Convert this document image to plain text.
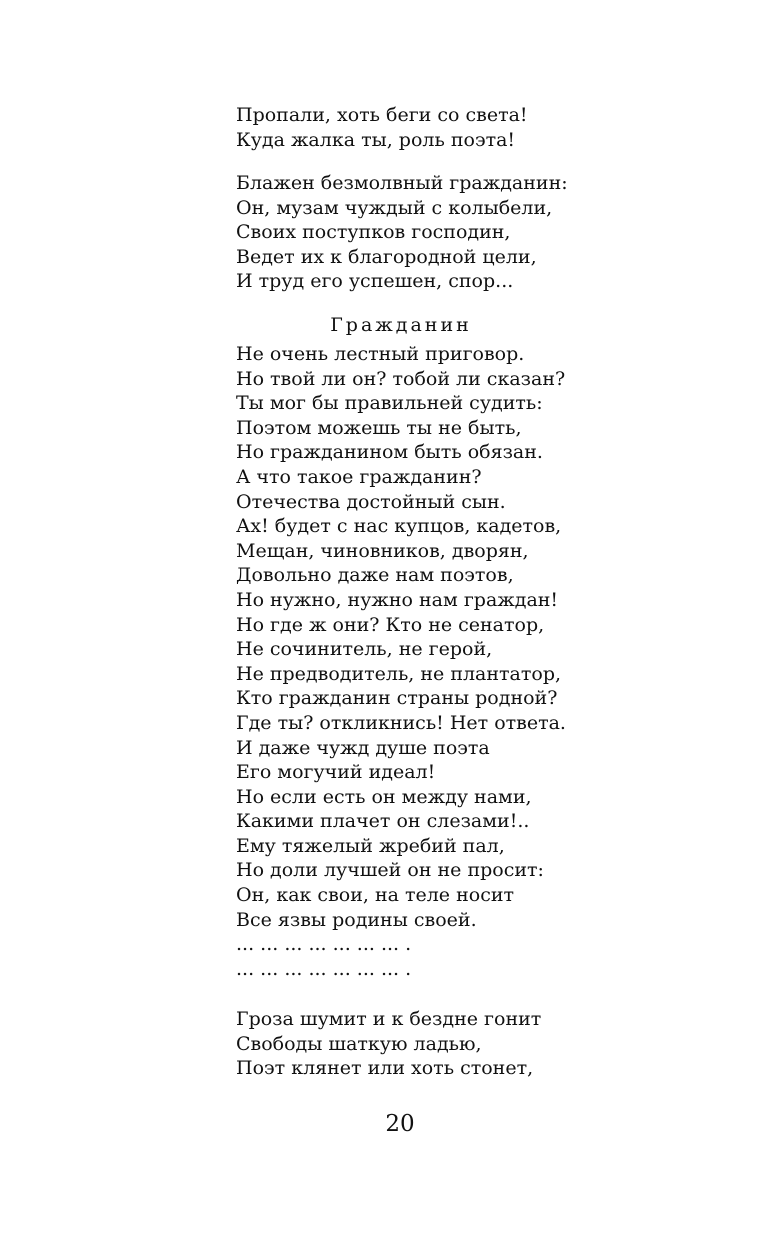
Пропали, хоть беги со света!
Куда жалка ты, роль поэта!
Блажен безмолвный гражданин:
Он, музам чуждый с колыбели,
Своих поступков господин,
Ведет их к благородной цели,
И труд его успешен, спор...
Гражданин
Не очень лестный приговор.
Но твой ли он? тобой ли сказан?
Ты мог бы правильней судить:
Поэтом можешь ты не быть,
Но гражданином быть обязан.
А что такое гражданин?
Отечества достойный сын.
Ах! будет с нас купцов, кадетов,
Мещан, чиновников, дворян,
Довольно даже нам поэтов,
Но нужно, нужно нам граждан!
Но где ж они? Кто не сенатор,
Не сочинитель, не герой,
Не предводитель, не плантатор,
Кто гражданин страны родной?
Где ты? откликнись! Нет ответа.
И даже чужд душе поэта
Его могучий идеал!
Но если есть он между нами,
Какими плачет он слезами!..
Ему тяжелый жребий пал,
Но доли лучшей он не просит:
Он, как свои, на теле носит
Все язвы родины своей.
... ... ... ... ... ... ... .
... ... ... ... ... ... ... .
Гроза шумит и к бездне гонит
Свободы шаткую ладью,
Поэт клянет или хоть стонет,
20
